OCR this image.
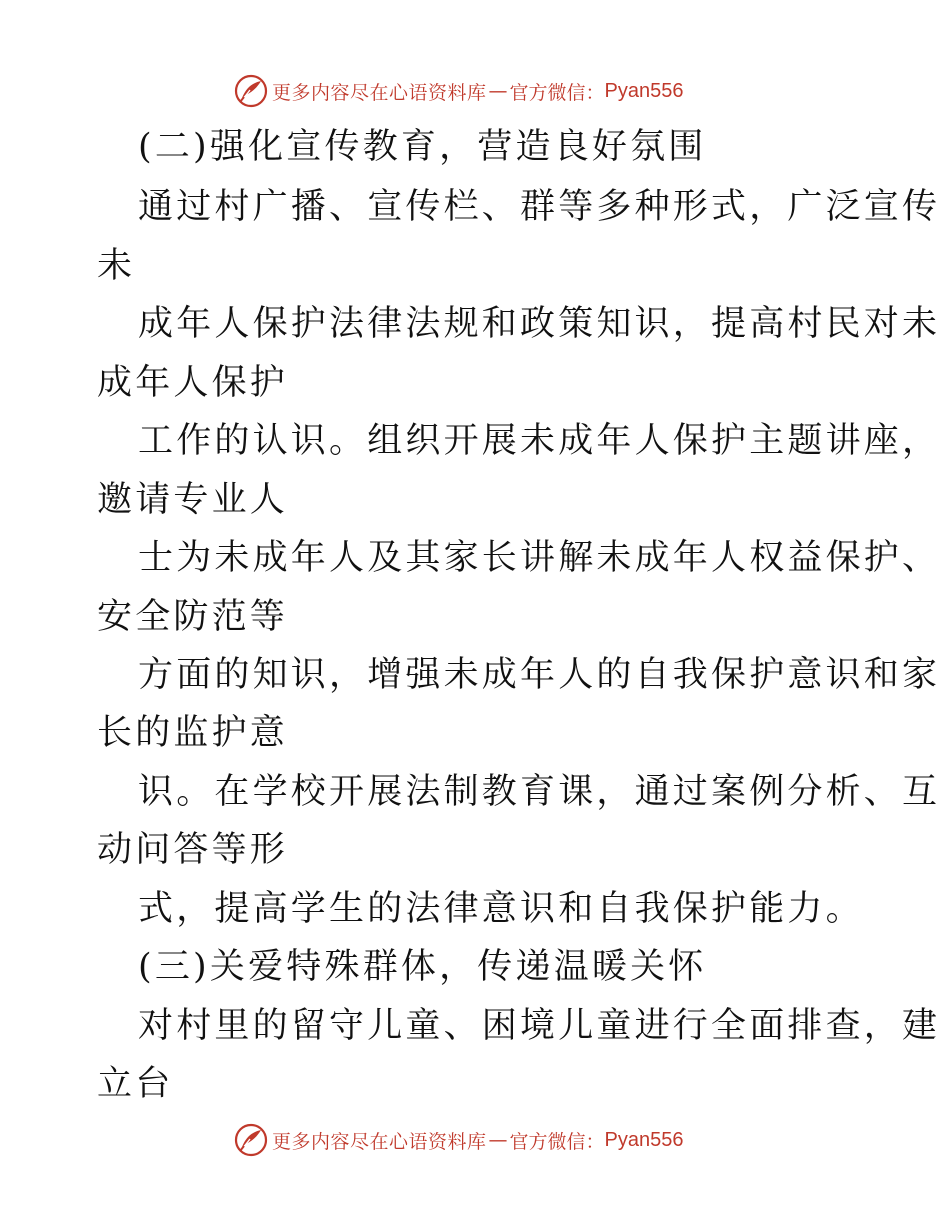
更多内容尽在心语资料库 — 官方微信： Pyan556
(二)强化宣传教育，营造良好氛围
通过村广播、宣传栏、群等多种形式，广泛宣传
未
成年人保护法律法规和政策知识，提高村民对未
成年人保护
工作的认识。组织开展未成年人保护主题讲座，
邀请专业人
士为未成年人及其家长讲解未成年人权益保护、
安全防范等
方面的知识，增强未成年人的自我保护意识和家
长的监护意
识。在学校开展法制教育课，通过案例分析、互
动问答等形
式，提高学生的法律意识和自我保护能力。
(三)关爱特殊群体，传递温暖关怀
对村里的留守儿童、困境儿童进行全面排查，建
立台
更多内容尽在心语资料库 — 官方微信： Pyan556
